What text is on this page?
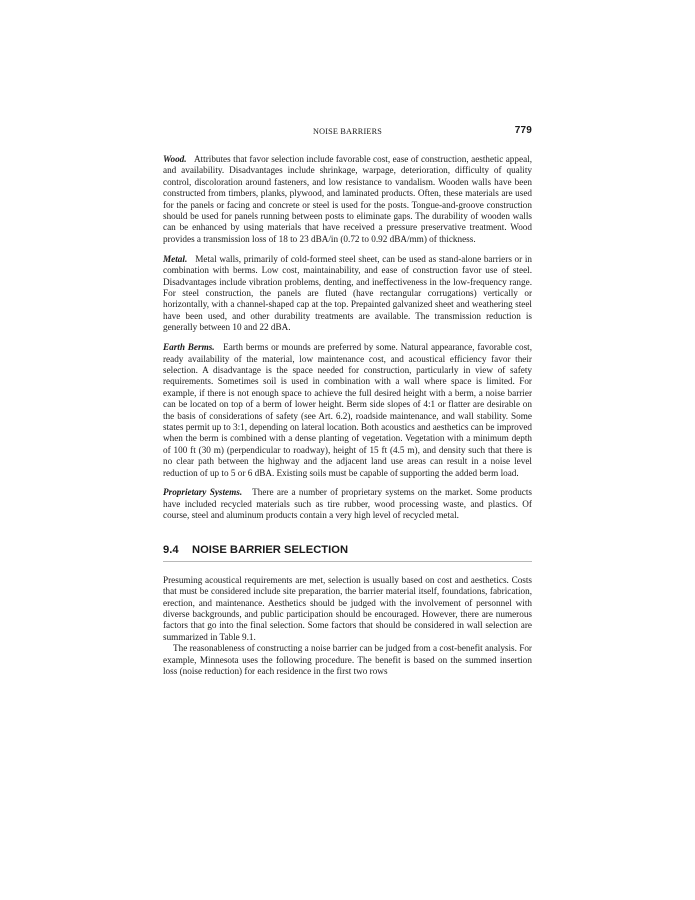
NOISE BARRIERS	779

Wood. Attributes that favor selection include favorable cost, ease of construction, aesthetic appeal, and availability. Disadvantages include shrinkage, warpage, deterioration, difficulty of quality control, discoloration around fasteners, and low resistance to vandalism. Wooden walls have been constructed from timbers, planks, plywood, and laminated products. Often, these materials are used for the panels or facing and concrete or steel is used for the posts. Tongue-and-groove construction should be used for panels running between posts to eliminate gaps. The durability of wooden walls can be enhanced by using materials that have received a pressure preservative treatment. Wood provides a transmission loss of 18 to 23 dBA/in (0.72 to 0.92 dBA/mm) of thickness.

Metal. Metal walls, primarily of cold-formed steel sheet, can be used as stand-alone barriers or in combination with berms. Low cost, maintainability, and ease of construction favor use of steel. Disadvantages include vibration problems, denting, and ineffectiveness in the low-frequency range. For steel construction, the panels are fluted (have rectangular corrugations) vertically or horizontally, with a channel-shaped cap at the top. Prepainted galvanized sheet and weathering steel have been used, and other durability treatments are available. The transmission reduction is generally between 10 and 22 dBA.

Earth Berms. Earth berms or mounds are preferred by some. Natural appearance, favorable cost, ready availability of the material, low maintenance cost, and acoustical efficiency favor their selection. A disadvantage is the space needed for construction, particularly in view of safety requirements. Sometimes soil is used in combination with a wall where space is limited. For example, if there is not enough space to achieve the full desired height with a berm, a noise barrier can be located on top of a berm of lower height. Berm side slopes of 4:1 or flatter are desirable on the basis of considerations of safety (see Art. 6.2), roadside maintenance, and wall stability. Some states permit up to 3:1, depending on lateral location. Both acoustics and aesthetics can be improved when the berm is combined with a dense planting of vegetation. Vegetation with a minimum depth of 100 ft (30 m) (perpendicular to roadway), height of 15 ft (4.5 m), and density such that there is no clear path between the highway and the adjacent land use areas can result in a noise level reduction of up to 5 or 6 dBA. Existing soils must be capable of supporting the added berm load.

Proprietary Systems. There are a number of proprietary systems on the market. Some products have included recycled materials such as tire rubber, wood processing waste, and plastics. Of course, steel and aluminum products contain a very high level of recycled metal.

9.4	NOISE BARRIER SELECTION

Presuming acoustical requirements are met, selection is usually based on cost and aesthetics. Costs that must be considered include site preparation, the barrier material itself, foundations, fabrication, erection, and maintenance. Aesthetics should be judged with the involvement of personnel with diverse backgrounds, and public participation should be encouraged. However, there are numerous factors that go into the final selection. Some factors that should be considered in wall selection are summarized in Table 9.1.

The reasonableness of constructing a noise barrier can be judged from a cost-benefit analysis. For example, Minnesota uses the following procedure. The benefit is based on the summed insertion loss (noise reduction) for each residence in the first two rows
